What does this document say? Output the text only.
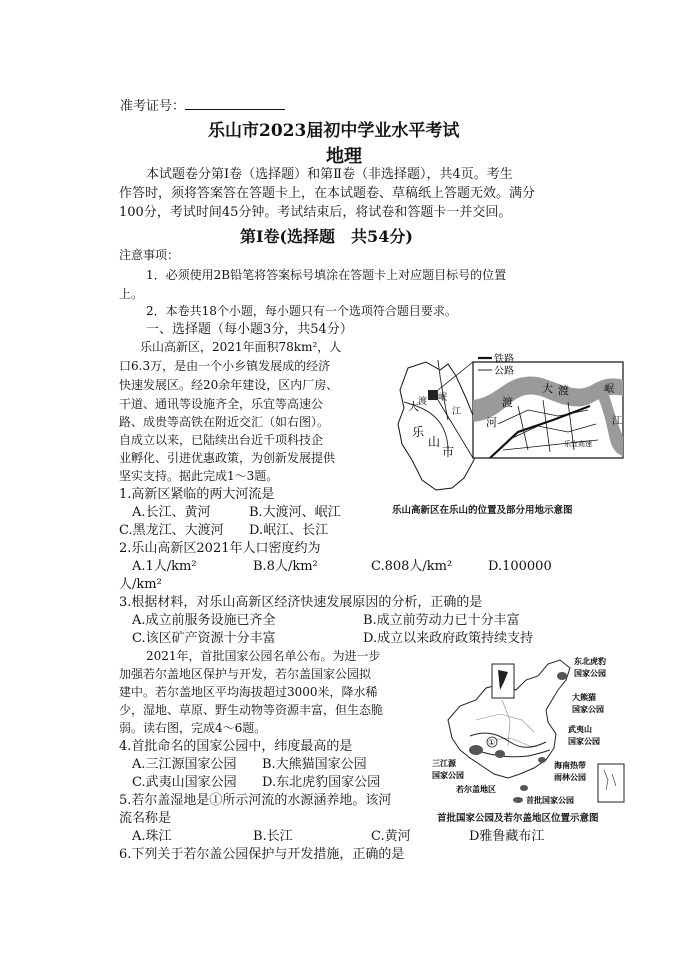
准考证号：
乐山市2023届初中学业水平考试
地理
本试题卷分第Ⅰ卷（选择题）和第Ⅱ卷（非选择题），共4页。考生
作答时，须将答案答在答题卡上，在本试题卷、草稿纸上答题无效。满分
100分，考试时间45分钟。考试结束后，将试卷和答题卡一并交回。
第Ⅰ卷(选择题　共54分)
注意事项：
1．必须使用2B铅笔将答案标号填涂在答题卡上对应题目标号的位置
上。
2．本卷共18个小题，每小题只有一个选项符合题目要求。
一、选择题（每小题3分，共54分）
乐山高新区，2021年面积78km²，人
口6.3万，是由一个小乡镇发展成的经济
快速发展区。经20余年建设，区内厂房、
干道、通讯等设施齐全，乐宜等高速公
路、成贵等高铁在附近交汇（如右图）。
自成立以来，已陆续出台近千项科技企
业孵化、引进优惠政策，为创新发展提供
坚实支持。据此完成1～3题。
铁路
公路
大 渡 岷
江
乐
山
市
河
渡
大 渡	岷
江
乐宜高速
乐山高新区在乐山的位置及部分用地示意图
1.高新区紧临的两大河流是
A.长江、黄河	B.大渡河、岷江
C.黑龙江、大渡河 D.岷江、长江
2.乐山高新区2021年人口密度约为
A.1人/km²	B.8人/km²	C.808人/km²	D.100000
人/km²
3.根据材料，对乐山高新区经济快速发展原因的分析，正确的是
A.成立前服务设施已齐全	B.成立前劳动力已十分丰富
C.该区矿产资源十分丰富	D.成立以来政府政策持续支持
2021年，首批国家公园名单公布。为进一步
加强若尔盖地区保护与开发，若尔盖国家公园拟
建中。若尔盖地区平均海拔超过3000米，降水稀
少，湿地、草原、野生动物等资源丰富，但生态脆
弱。读右图，完成4～6题。
①
东北虎豹
国家公园
大熊猫
国家公园
武夷山
国家公园
海南热带
雨林公园
三江源
国家公园
若尔盖地区
首批国家公园
首批国家公园及若尔盖地区位置示意图
4.首批命名的国家公园中，纬度最高的是
A.三江源国家公园 B.大熊猫国家公园
C.武夷山国家公园 D.东北虎豹国家公园
5.若尔盖湿地是①所示河流的水源涵养地。该河
流名称是
A.珠江	B.长江	C.黄河	D雅鲁藏布江
6.下列关于若尔盖公园保护与开发措施，正确的是
